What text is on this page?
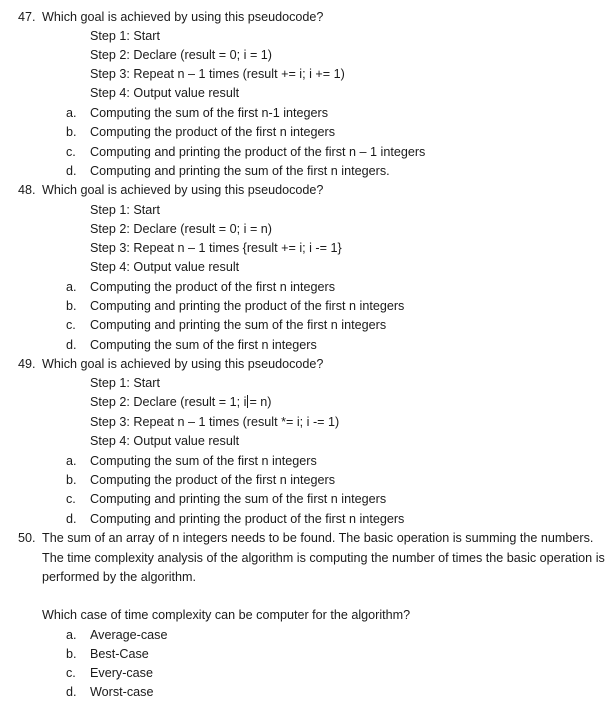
47. Which goal is achieved by using this pseudocode?
Step 1: Start
Step 2: Declare (result = 0; i = 1)
Step 3: Repeat n – 1 times (result += i; i += 1)
Step 4: Output value result
a. Computing the sum of the first n-1 integers
b. Computing the product of the first n integers
c. Computing and printing the product of the first n – 1 integers
d. Computing and printing the sum of the first n integers.
48. Which goal is achieved by using this pseudocode?
Step 1: Start
Step 2: Declare (result = 0; i = n)
Step 3: Repeat n – 1 times {result += i; i -= 1}
Step 4: Output value result
a. Computing the product of the first n integers
b. Computing and printing the product of the first n integers
c. Computing and printing the sum of the first n integers
d. Computing the sum of the first n integers
49. Which goal is achieved by using this pseudocode?
Step 1: Start
Step 2: Declare (result = 1; i = n)
Step 3: Repeat n – 1 times (result *= i; i -= 1)
Step 4: Output value result
a. Computing the sum of the first n integers
b. Computing the product of the first n integers
c. Computing and printing the sum of the first n integers
d. Computing and printing the product of the first n integers
50. The sum of an array of n integers needs to be found. The basic operation is summing the numbers. The time complexity analysis of the algorithm is computing the number of times the basic operation is performed by the algorithm.
Which case of time complexity can be computer for the algorithm?
a. Average-case
b. Best-Case
c. Every-case
d. Worst-case
